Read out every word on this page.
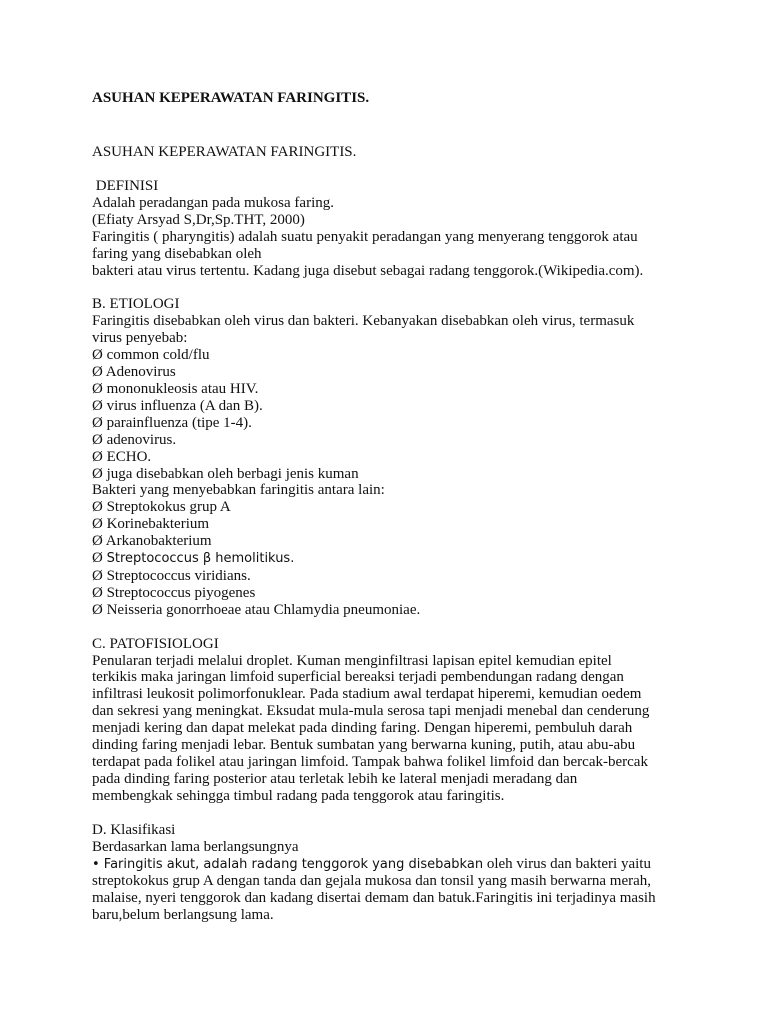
ASUHAN KEPERAWATAN FARINGITIS.
ASUHAN KEPERAWATAN FARINGITIS.
DEFINISI
Adalah peradangan pada mukosa faring.
(Efiaty Arsyad S,Dr,Sp.THT, 2000)
Faringitis ( pharyngitis) adalah suatu penyakit peradangan yang menyerang tenggorok atau
faring yang disebabkan oleh
bakteri atau virus tertentu. Kadang juga disebut sebagai radang tenggorok.(Wikipedia.com).
B. ETIOLOGI
Faringitis disebabkan oleh virus dan bakteri. Kebanyakan disebabkan oleh virus, termasuk
virus penyebab:
Ø common cold/flu
Ø Adenovirus
Ø mononukleosis atau HIV.
Ø virus influenza (A dan B).
Ø parainfluenza (tipe 1-4).
Ø adenovirus.
Ø ECHO.
Ø juga disebabkan oleh berbagi jenis kuman
Bakteri yang menyebabkan faringitis antara lain:
Ø Streptokokus grup A
Ø Korinebakterium
Ø Arkanobakterium
Ø Streptococcus β hemolitikus.
Ø Streptococcus viridians.
Ø Streptococcus piyogenes
Ø Neisseria gonorrhoeae atau Chlamydia pneumoniae.
C. PATOFISIOLOGI
Penularan terjadi melalui droplet. Kuman menginfiltrasi lapisan epitel kemudian epitel
terkikis maka jaringan limfoid superficial bereaksi terjadi pembendungan radang dengan
infiltrasi leukosit polimorfonuklear. Pada stadium awal terdapat hiperemi, kemudian oedem
dan sekresi yang meningkat. Eksudat mula-mula serosa tapi menjadi menebal dan cenderung
menjadi kering dan dapat melekat pada dinding faring. Dengan hiperemi, pembuluh darah
dinding faring menjadi lebar. Bentuk sumbatan yang berwarna kuning, putih, atau abu-abu
terdapat pada folikel atau jaringan limfoid. Tampak bahwa folikel limfoid dan bercak-bercak
pada dinding faring posterior atau terletak lebih ke lateral menjadi meradang dan
membengkak sehingga timbul radang pada tenggorok atau faringitis.
D. Klasifikasi
Berdasarkan lama berlangsungnya
• Faringitis akut, adalah radang tenggorok yang disebabkan oleh virus dan bakteri yaitu
streptokokus grup A dengan tanda dan gejala mukosa dan tonsil yang masih berwarna merah,
malaise, nyeri tenggorok dan kadang disertai demam dan batuk.Faringitis ini terjadinya masih
baru,belum berlangsung lama.
